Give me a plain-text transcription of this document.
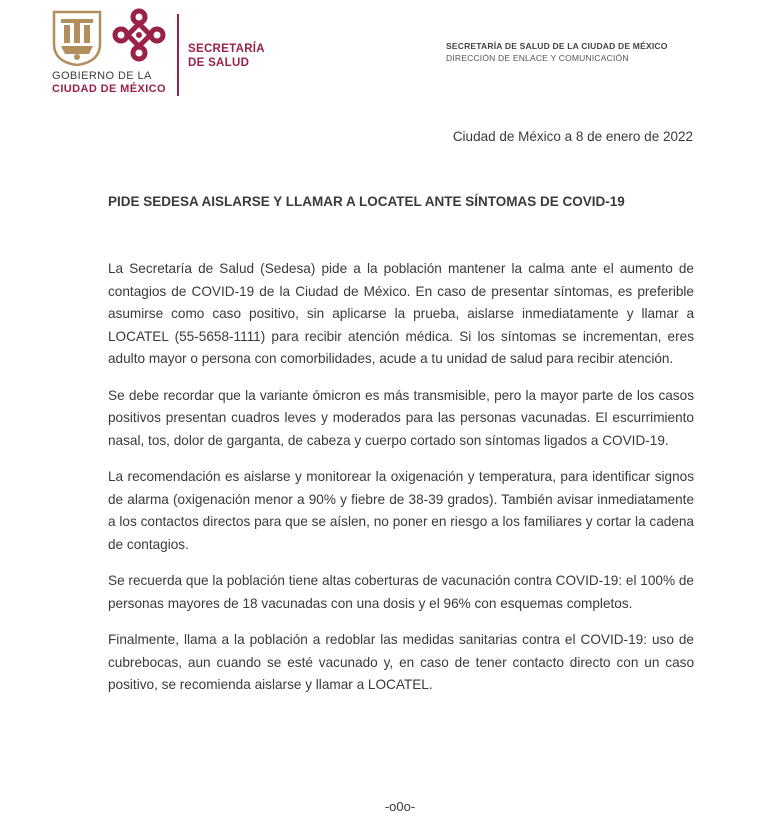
GOBIERNO DE LA
CIUDAD DE MÉXICO
SECRETARÍA
DE SALUD
SECRETARÍA DE SALUD DE LA CIUDAD DE MÉXICO
DIRECCIÓN DE ENLACE Y COMUNICACIÓN
Ciudad de México a 8 de enero de 2022
PIDE SEDESA AISLARSE Y LLAMAR A LOCATEL ANTE SÍNTOMAS DE COVID-19

La Secretaría de Salud (Sedesa) pide a la población mantener la calma ante el aumento de contagios de COVID-19 de la Ciudad de México. En caso de presentar síntomas, es preferible asumirse como caso positivo, sin aplicarse la prueba, aislarse inmediatamente y llamar a LOCATEL (55-5658-1111) para recibir atención médica. Si los síntomas se incrementan, eres adulto mayor o persona con comorbilidades, acude a tu unidad de salud para recibir atención.

Se debe recordar que la variante ómicron es más transmisible, pero la mayor parte de los casos positivos presentan cuadros leves y moderados para las personas vacunadas. El escurrimiento nasal, tos, dolor de garganta, de cabeza y cuerpo cortado son síntomas ligados a COVID-19.

La recomendación es aislarse y monitorear la oxigenación y temperatura, para identificar signos de alarma (oxigenación menor a 90% y fiebre de 38-39 grados). También avisar inmediatamente a los contactos directos para que se aíslen, no poner en riesgo a los familiares y cortar la cadena de contagios.

Se recuerda que la población tiene altas coberturas de vacunación contra COVID-19: el 100% de personas mayores de 18 vacunadas con una dosis y el 96% con esquemas completos.

Finalmente, llama a la población a redoblar las medidas sanitarias contra el COVID-19: uso de cubrebocas, aun cuando se esté vacunado y, en caso de tener contacto directo con un caso positivo, se recomienda aislarse y llamar a LOCATEL.

-o0o-
